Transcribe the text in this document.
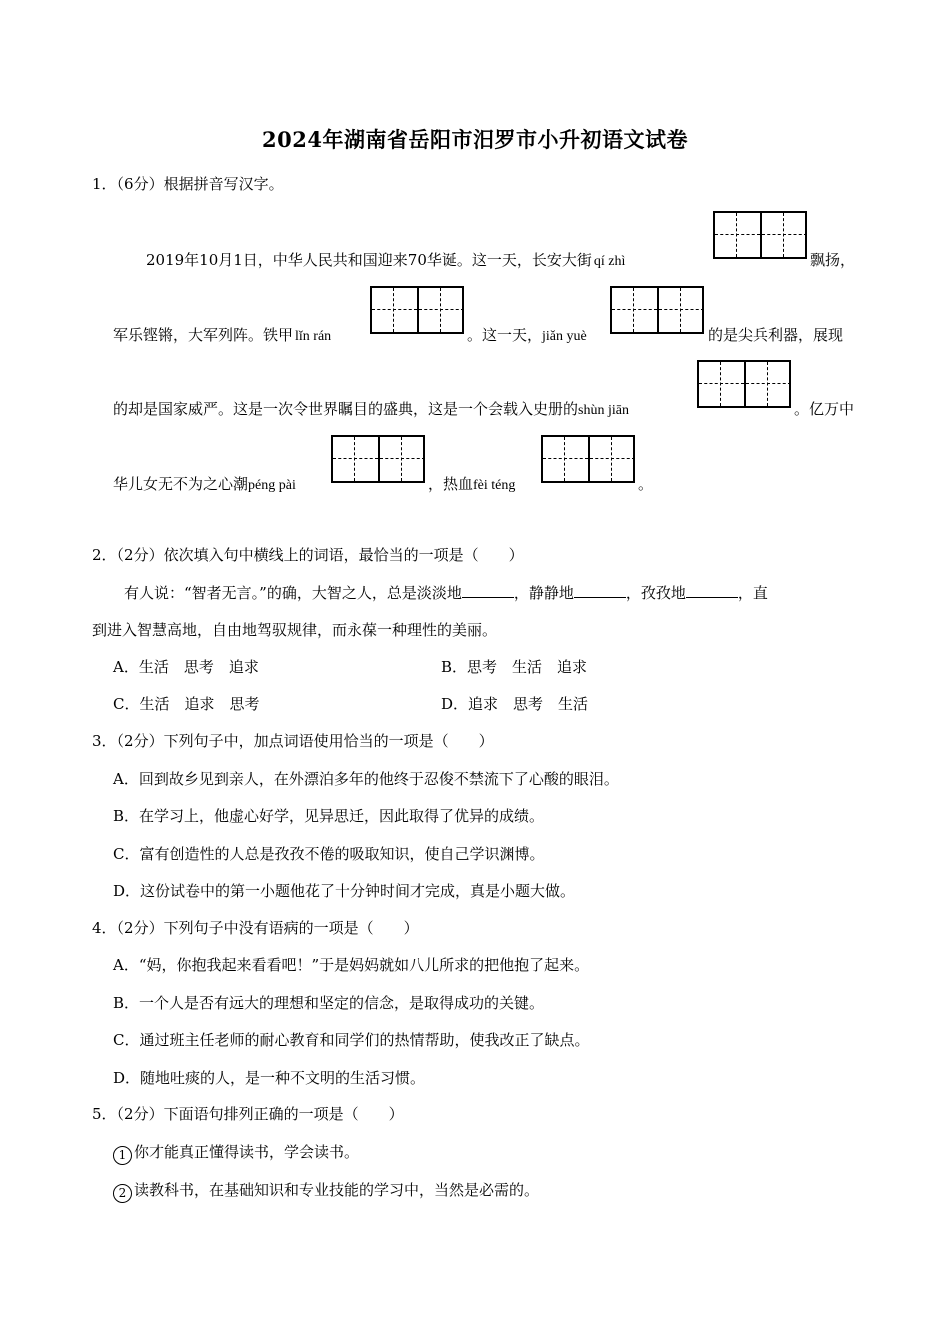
2024年湖南省岳阳市汨罗市小升初语文试卷
1．（6分）根据拼音写汉字。
2019年10月1日，中华人民共和国迎来70华诞。这一天，长安大街 qí zhì	飘扬，
军乐铿锵，大军列阵。铁甲 lǐn rán	。这一天，jiǎn yuè	的是尖兵利器，展现
的却是国家威严。这是一次令世界瞩目的盛典，这是一个会载入史册的shùn jiān	。亿万中
华儿女无不为之心潮péng pài	，热血fèi téng	。
2．（2分）依次填入句中横线上的词语，最恰当的一项是（　　）
有人说：“智者无言。”的确，大智之人，总是淡淡地	，静静地	，孜孜地	，直
到进入智慧高地，自由地驾驭规律，而永葆一种理性的美丽。
A．生活　思考　追求	B．思考　生活　追求
C．生活　追求　思考	D．追求　思考　生活
3．（2分）下列句子中，加点词语使用恰当的一项是（　　）
A．回到故乡见到亲人，在外漂泊多年的他终于忍俊不禁流下了心酸的眼泪。
B．在学习上，他虚心好学，见异思迁，因此取得了优异的成绩。
C．富有创造性的人总是孜孜不倦的吸取知识，使自己学识渊博。
D．这份试卷中的第一小题他花了十分钟时间才完成，真是小题大做。
4．（2分）下列句子中没有语病的一项是（　　）
A．“妈，你抱我起来看看吧！”于是妈妈就如八儿所求的把他抱了起来。
B．一个人是否有远大的理想和坚定的信念，是取得成功的关键。
C．通过班主任老师的耐心教育和同学们的热情帮助，使我改正了缺点。
D．随地吐痰的人，是一种不文明的生活习惯。
5．（2分）下面语句排列正确的一项是（　　）
1 你才能真正懂得读书，学会读书。
2 读教科书，在基础知识和专业技能的学习中，当然是必需的。
